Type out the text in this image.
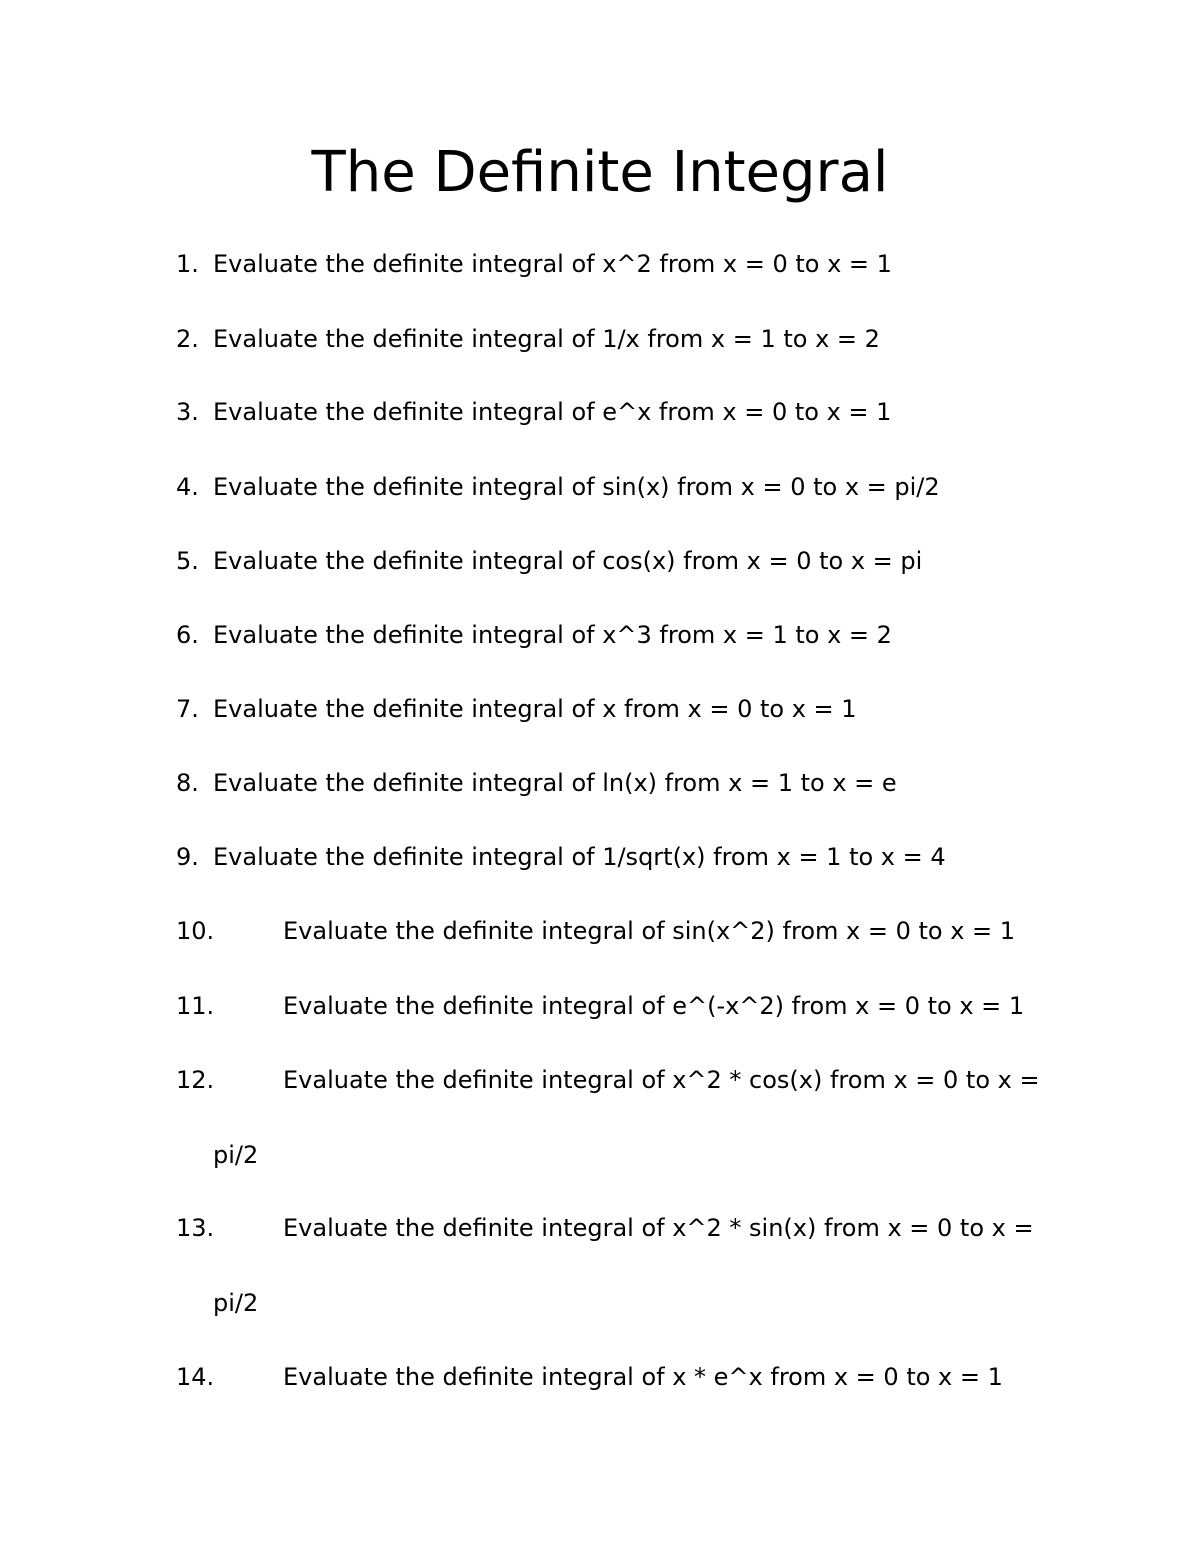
The Definite Integral
1. Evaluate the definite integral of x^2 from x = 0 to x = 1
2. Evaluate the definite integral of 1/x from x = 1 to x = 2
3. Evaluate the definite integral of e^x from x = 0 to x = 1
4. Evaluate the definite integral of sin(x) from x = 0 to x = pi/2
5. Evaluate the definite integral of cos(x) from x = 0 to x = pi
6. Evaluate the definite integral of x^3 from x = 1 to x = 2
7. Evaluate the definite integral of x from x = 0 to x = 1
8. Evaluate the definite integral of ln(x) from x = 1 to x = e
9. Evaluate the definite integral of 1/sqrt(x) from x = 1 to x = 4
10.	Evaluate the definite integral of sin(x^2) from x = 0 to x = 1
11.	Evaluate the definite integral of e^(-x^2) from x = 0 to x = 1
12.	Evaluate the definite integral of x^2 * cos(x) from x = 0 to x =
13.	Evaluate the definite integral of x^2 * sin(x) from x = 0 to x =
14.	Evaluate the definite integral of x * e^x from x = 0 to x = 1
pi/2
pi/2
